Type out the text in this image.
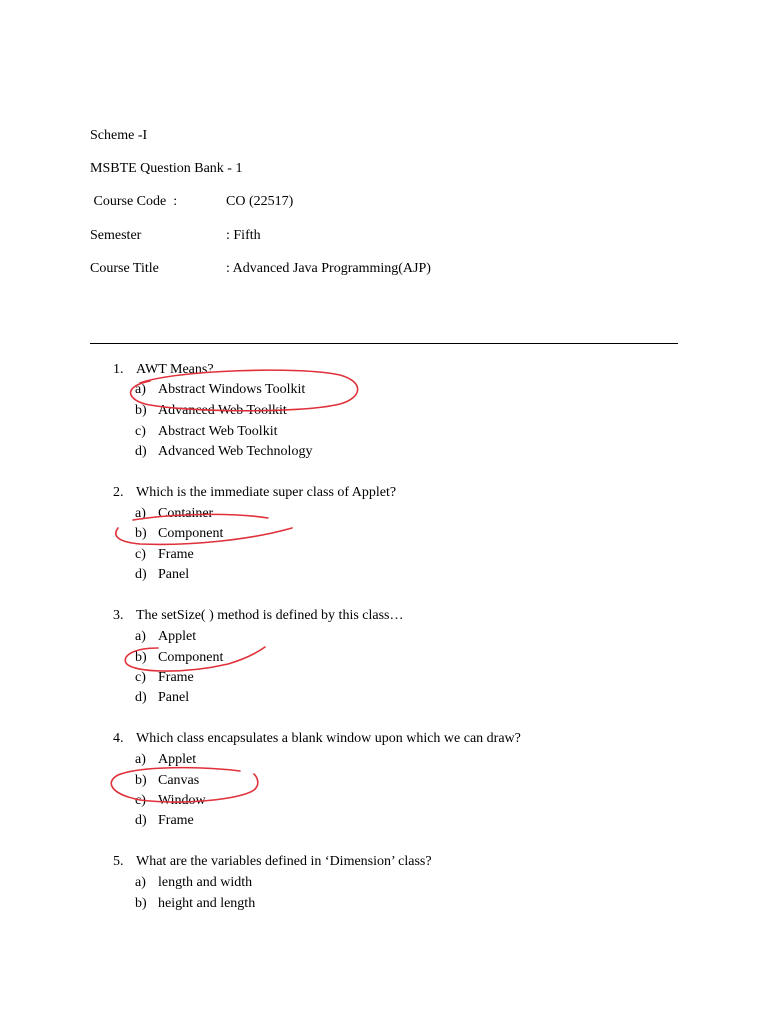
Scheme -I
MSBTE Question Bank - 1
Course Code  :	CO (22517)
Semester	: Fifth
Course Title	: Advanced Java Programming(AJP)
1. AWT Means?
a) Abstract Windows Toolkit
b) Advanced Web Toolkit
c) Abstract Web Toolkit
d) Advanced Web Technology
2. Which is the immediate super class of Applet?
a) Container
b) Component
c) Frame
d) Panel
3. The setSize( ) method is defined by this class…
a) Applet
b) Component
c) Frame
d) Panel
4. Which class encapsulates a blank window upon which we can draw?
a) Applet
b) Canvas
c) Window
d) Frame
5. What are the variables defined in ‘Dimension’ class?
a) length and width
b) height and length
